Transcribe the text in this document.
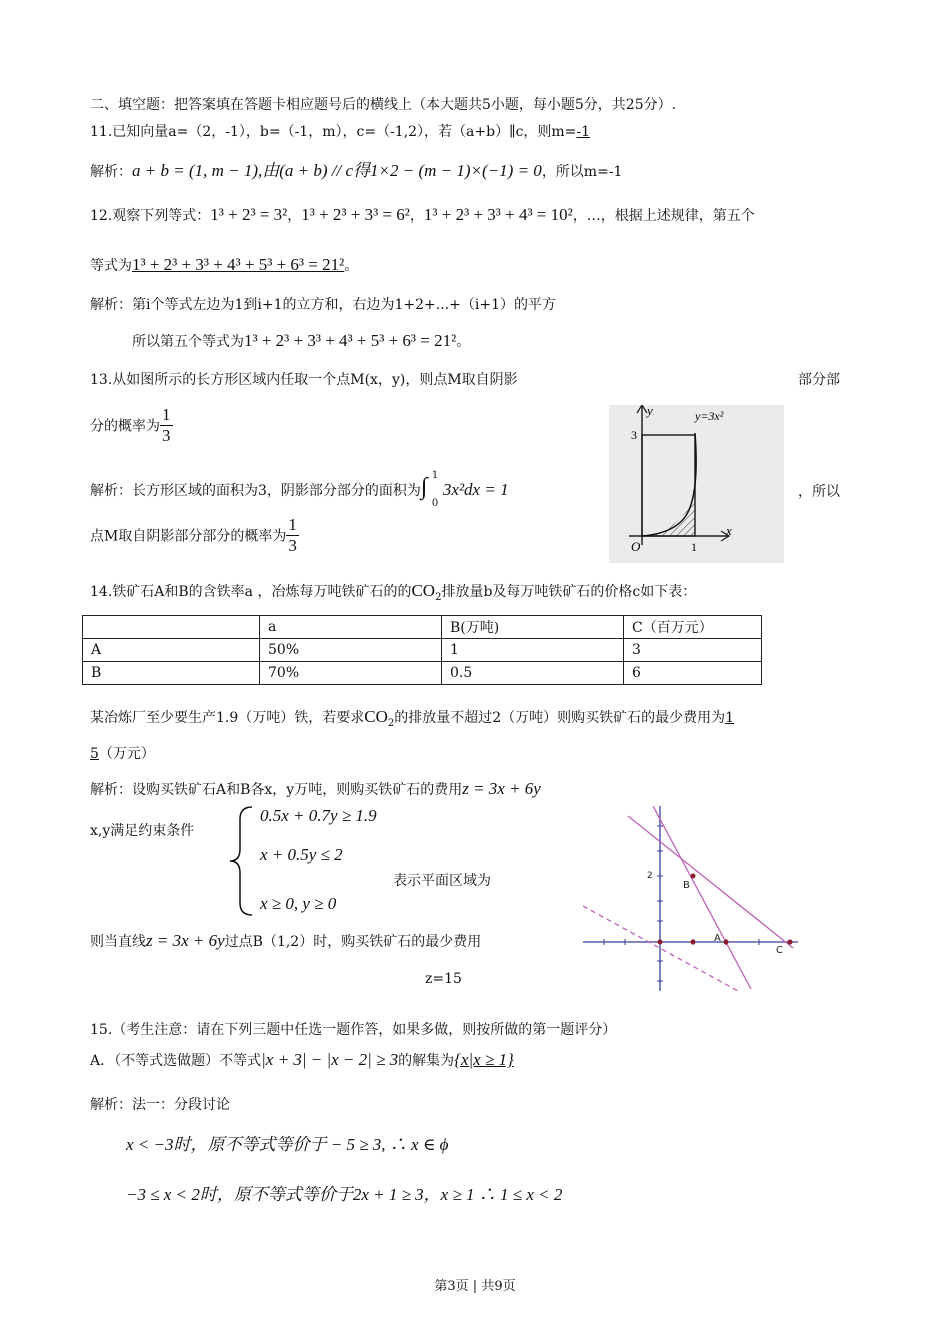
二、填空题：把答案填在答题卡相应题号后的横线上（本大题共5小题，每小题5分，共25分）.
11.已知向量a=（2，-1），b=（-1，m），c=（-1,2），若（a+b）∥c，则m=-1
解析：a + b = (1, m − 1),由(a + b) // c得1×2 − (m − 1)×(−1) = 0，所以m=-1
12.观察下列等式：1³ + 2³ = 3²，1³ + 2³ + 3³ = 6²，1³ + 2³ + 3³ + 4³ = 10²，…，根据上述规律，第五个
等式为1³ + 2³ + 3³ + 4³ + 5³ + 6³ = 21²。
解析：第i个等式左边为1到i+1的立方和，右边为1+2+...+（i+1）的平方
所以第五个等式为1³ + 2³ + 3³ + 4³ + 5³ + 6³ = 21²。
13.从如图所示的长方形区域内任取一个点M(x，y)，则点M取自阴影	部分部
分的概率为 $\frac{1}{3}$
解析：长方形区域的面积为3，阴影部分部分的面积为 ∫ 1
0
3x²dx = 1	，所以
点M取自阴影部分部分的概率为 $\frac{1}{3}$
y	y=3x²
3
1
O
x
14.铁矿石A和B的含铁率a ，冶炼每万吨铁矿石的的$CO_2$排放量b及每万吨铁矿石的价格c如下表：
	a	B(万吨)	C（百万元）
A	50%	1	3
B	70%	0.5	6
某冶炼厂至少要生产1.9（万吨）铁，若要求$CO_2$的排放量不超过2（万吨）则购买铁矿石的最少费用为1
5（万元）
解析：设购买铁矿石A和B各x，y万吨，则购买铁矿石的费用z = 3x + 6y
x,y满足约束条件
0.5x + 0.7y ≥ 1.9
x + 0.5y ≤ 2
x ≥ 0, y ≥ 0
表示平面区域为
则当直线z = 3x + 6y过点B（1,2）时，购买铁矿石的最少费用
z=15
2
B
A
C
15.（考生注意：请在下列三题中任选一题作答，如果多做，则按所做的第一题评分）
A．（不等式选做题）不等式|x + 3| − |x − 2| ≥ 3的解集为{x|x ≥ 1}
解析：法一：分段讨论
x < −3时，原不等式等价于 − 5 ≥ 3, ∴ x ∈ ϕ
−3 ≤ x < 2时，原不等式等价于2x + 1 ≥ 3，x ≥ 1 ∴ 1 ≤ x < 2
第3页 | 共9页
